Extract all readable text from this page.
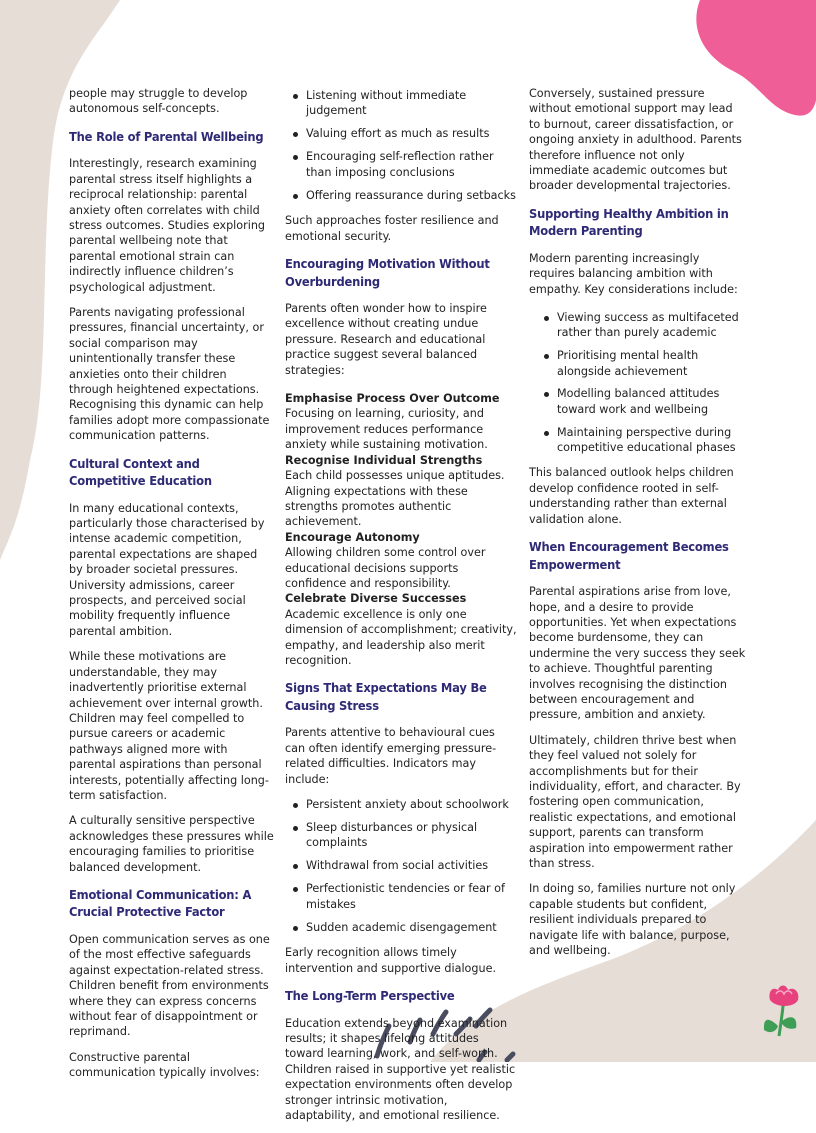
people may struggle to develop autonomous self-concepts.

The Role of Parental Wellbeing

Interestingly, research examining parental stress itself highlights a reciprocal relationship: parental anxiety often correlates with child stress outcomes. Studies exploring parental wellbeing note that parental emotional strain can indirectly influence children’s psychological adjustment.

Parents navigating professional pressures, financial uncertainty, or social comparison may unintentionally transfer these anxieties onto their children through heightened expectations. Recognising this dynamic can help families adopt more compassionate communication patterns.

Cultural Context and Competitive Education

In many educational contexts, particularly those characterised by intense academic competition, parental expectations are shaped by broader societal pressures. University admissions, career prospects, and perceived social mobility frequently influence parental ambition.

While these motivations are understandable, they may inadvertently prioritise external achievement over internal growth. Children may feel compelled to pursue careers or academic pathways aligned more with parental aspirations than personal interests, potentially affecting long-term satisfaction.

A culturally sensitive perspective acknowledges these pressures while encouraging families to prioritise balanced development.

Emotional Communication: A Crucial Protective Factor

Open communication serves as one of the most effective safeguards against expectation-related stress. Children benefit from environments where they can express concerns without fear of disappointment or reprimand.

Constructive parental communication typically involves:

Listening without immediate judgement
Valuing effort as much as results
Encouraging self-reflection rather than imposing conclusions
Offering reassurance during setbacks

Such approaches foster resilience and emotional security.

Encouraging Motivation Without Overburdening

Parents often wonder how to inspire excellence without creating undue pressure. Research and educational practice suggest several balanced strategies:

Emphasise Process Over Outcome

Focusing on learning, curiosity, and improvement reduces performance anxiety while sustaining motivation.

Recognise Individual Strengths

Each child possesses unique aptitudes. Aligning expectations with these strengths promotes authentic achievement.

Encourage Autonomy

Allowing children some control over educational decisions supports confidence and responsibility.

Celebrate Diverse Successes

Academic excellence is only one dimension of accomplishment; creativity, empathy, and leadership also merit recognition.

Signs That Expectations May Be Causing Stress

Parents attentive to behavioural cues can often identify emerging pressure-related difficulties. Indicators may include:

Persistent anxiety about schoolwork
Sleep disturbances or physical complaints
Withdrawal from social activities
Perfectionistic tendencies or fear of mistakes
Sudden academic disengagement

Early recognition allows timely intervention and supportive dialogue.

The Long-Term Perspective

Education extends beyond examination results; it shapes lifelong attitudes toward learning, work, and self-worth. Children raised in supportive yet realistic expectation environments often develop stronger intrinsic motivation, adaptability, and emotional resilience.

Conversely, sustained pressure without emotional support may lead to burnout, career dissatisfaction, or ongoing anxiety in adulthood. Parents therefore influence not only immediate academic outcomes but broader developmental trajectories.

Supporting Healthy Ambition in Modern Parenting

Modern parenting increasingly requires balancing ambition with empathy. Key considerations include:

Viewing success as multifaceted rather than purely academic
Prioritising mental health alongside achievement
Modelling balanced attitudes toward work and wellbeing
Maintaining perspective during competitive educational phases

This balanced outlook helps children develop confidence rooted in self-understanding rather than external validation alone.

When Encouragement Becomes Empowerment

Parental aspirations arise from love, hope, and a desire to provide opportunities. Yet when expectations become burdensome, they can undermine the very success they seek to achieve. Thoughtful parenting involves recognising the distinction between encouragement and pressure, ambition and anxiety.

Ultimately, children thrive best when they feel valued not solely for accomplishments but for their individuality, effort, and character. By fostering open communication, realistic expectations, and emotional support, parents can transform aspiration into empowerment rather than stress.

In doing so, families nurture not only capable students but confident, resilient individuals prepared to navigate life with balance, purpose, and wellbeing.
